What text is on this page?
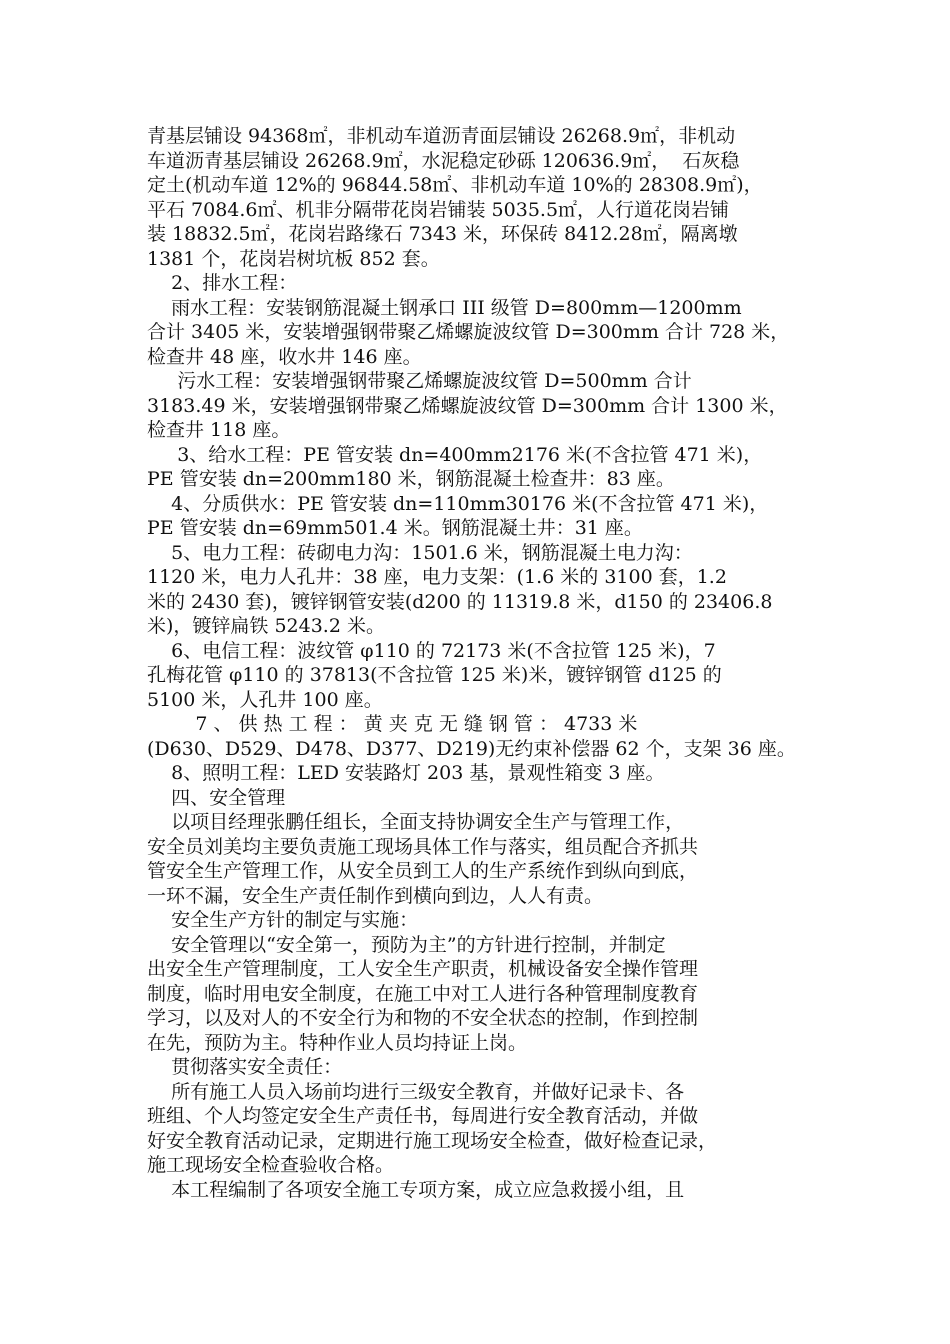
青基层铺设 94368㎡，非机动车道沥青面层铺设 26268.9㎡，非机动

车道沥青基层铺设 26268.9㎡，水泥稳定砂砾 120636.9㎡，  石灰稳

定土(机动车道 12%的 96844.58㎡、非机动车道 10%的 28308.9㎡)，

平石 7084.6㎡、机非分隔带花岗岩铺装 5035.5㎡，人行道花岗岩铺

装 18832.5㎡，花岗岩路缘石 7343 米，环保砖 8412.28㎡，隔离墩

1381 个，花岗岩树坑板 852 套。

2、排水工程：

雨水工程：安装钢筋混凝土钢承口 III 级管 D=800mm—1200mm

合计 3405 米，安装增强钢带聚乙烯螺旋波纹管 D=300mm 合计 728 米，

检查井 48 座，收水井 146 座。

污水工程：安装增强钢带聚乙烯螺旋波纹管 D=500mm 合计

3183.49 米，安装增强钢带聚乙烯螺旋波纹管 D=300mm 合计 1300 米，

检查井 118 座。

3、给水工程：PE 管安装 dn=400mm2176 米(不含拉管 471 米)，

PE 管安装 dn=200mm180 米，钢筋混凝土检查井：83 座。

4、分质供水：PE 管安装 dn=110mm30176 米(不含拉管 471 米)，

PE 管安装 dn=69mm501.4 米。钢筋混凝土井：31 座。

5、电力工程：砖砌电力沟：1501.6 米，钢筋混凝土电力沟：

1120 米，电力人孔井：38 座，电力支架：(1.6 米的 3100 套，1.2

米的 2430 套)，镀锌钢管安装(d200 的 11319.8 米，d150 的 23406.8

米)，镀锌扁铁 5243.2 米。

6、电信工程：波纹管 φ110 的 72173 米(不含拉管 125 米)，7

孔梅花管 φ110 的 37813(不含拉管 125 米)米，镀锌钢管 d125 的

5100 米，人孔井 100 座。

7 、 供 热 工 程 ： 黄 夹 克 无 缝 钢 管 ： 4733 米

(D630、D529、D478、D377、D219)无约束补偿器 62 个，支架 36 座。

8、照明工程：LED 安装路灯 203 基，景观性箱变 3 座。

四、安全管理

以项目经理张鹏任组长，全面支持协调安全生产与管理工作，

安全员刘美均主要负责施工现场具体工作与落实，组员配合齐抓共

管安全生产管理工作，从安全员到工人的生产系统作到纵向到底，

一环不漏，安全生产责任制作到横向到边，人人有责。

安全生产方针的制定与实施：

安全管理以“安全第一，预防为主”的方针进行控制，并制定

出安全生产管理制度，工人安全生产职责，机械设备安全操作管理

制度，临时用电安全制度，在施工中对工人进行各种管理制度教育

学习，以及对人的不安全行为和物的不安全状态的控制，作到控制

在先，预防为主。特种作业人员均持证上岗。

贯彻落实安全责任：

所有施工人员入场前均进行三级安全教育，并做好记录卡、各

班组、个人均签定安全生产责任书，每周进行安全教育活动，并做

好安全教育活动记录，定期进行施工现场安全检查，做好检查记录，

施工现场安全检查验收合格。

本工程编制了各项安全施工专项方案，成立应急救援小组，且
